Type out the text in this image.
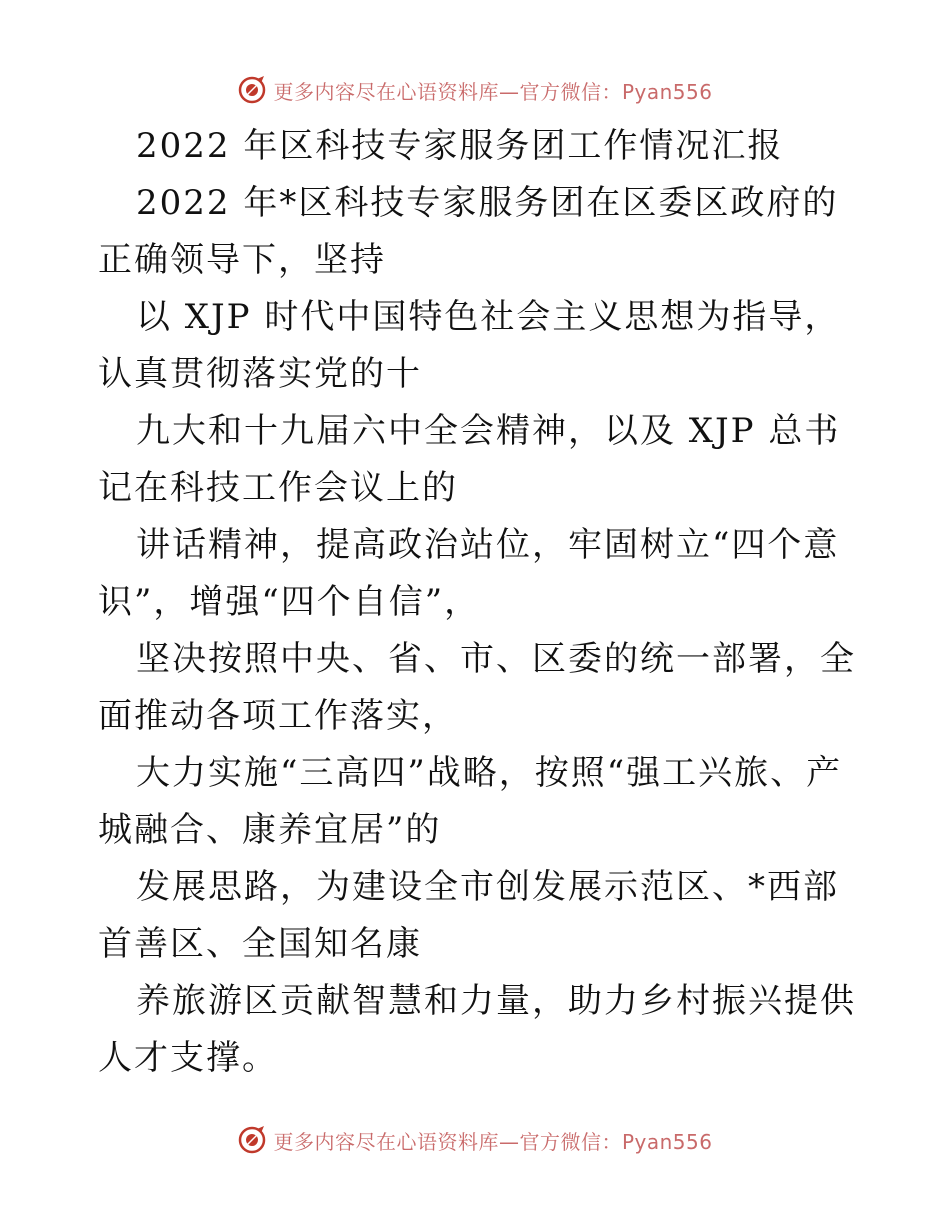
更多内容尽在心语资料库—官方微信：Pyan556

2022 年区科技专家服务团工作情况汇报

2022 年*区科技专家服务团在区委区政府的正确领导下，坚持

以 XJP 时代中国特色社会主义思想为指导，认真贯彻落实党的十

九大和十九届六中全会精神，以及 XJP 总书记在科技工作会议上的

讲话精神，提高政治站位，牢固树立“四个意识”，增强“四个自信”，

坚决按照中央、省、市、区委的统一部署，全面推动各项工作落实，

大力实施“三高四”战略，按照“强工兴旅、产城融合、康养宜居”的

发展思路，为建设全市创发展示范区、*西部首善区、全国知名康

养旅游区贡献智慧和力量，助力乡村振兴提供人才支撑。

更多内容尽在心语资料库—官方微信：Pyan556
